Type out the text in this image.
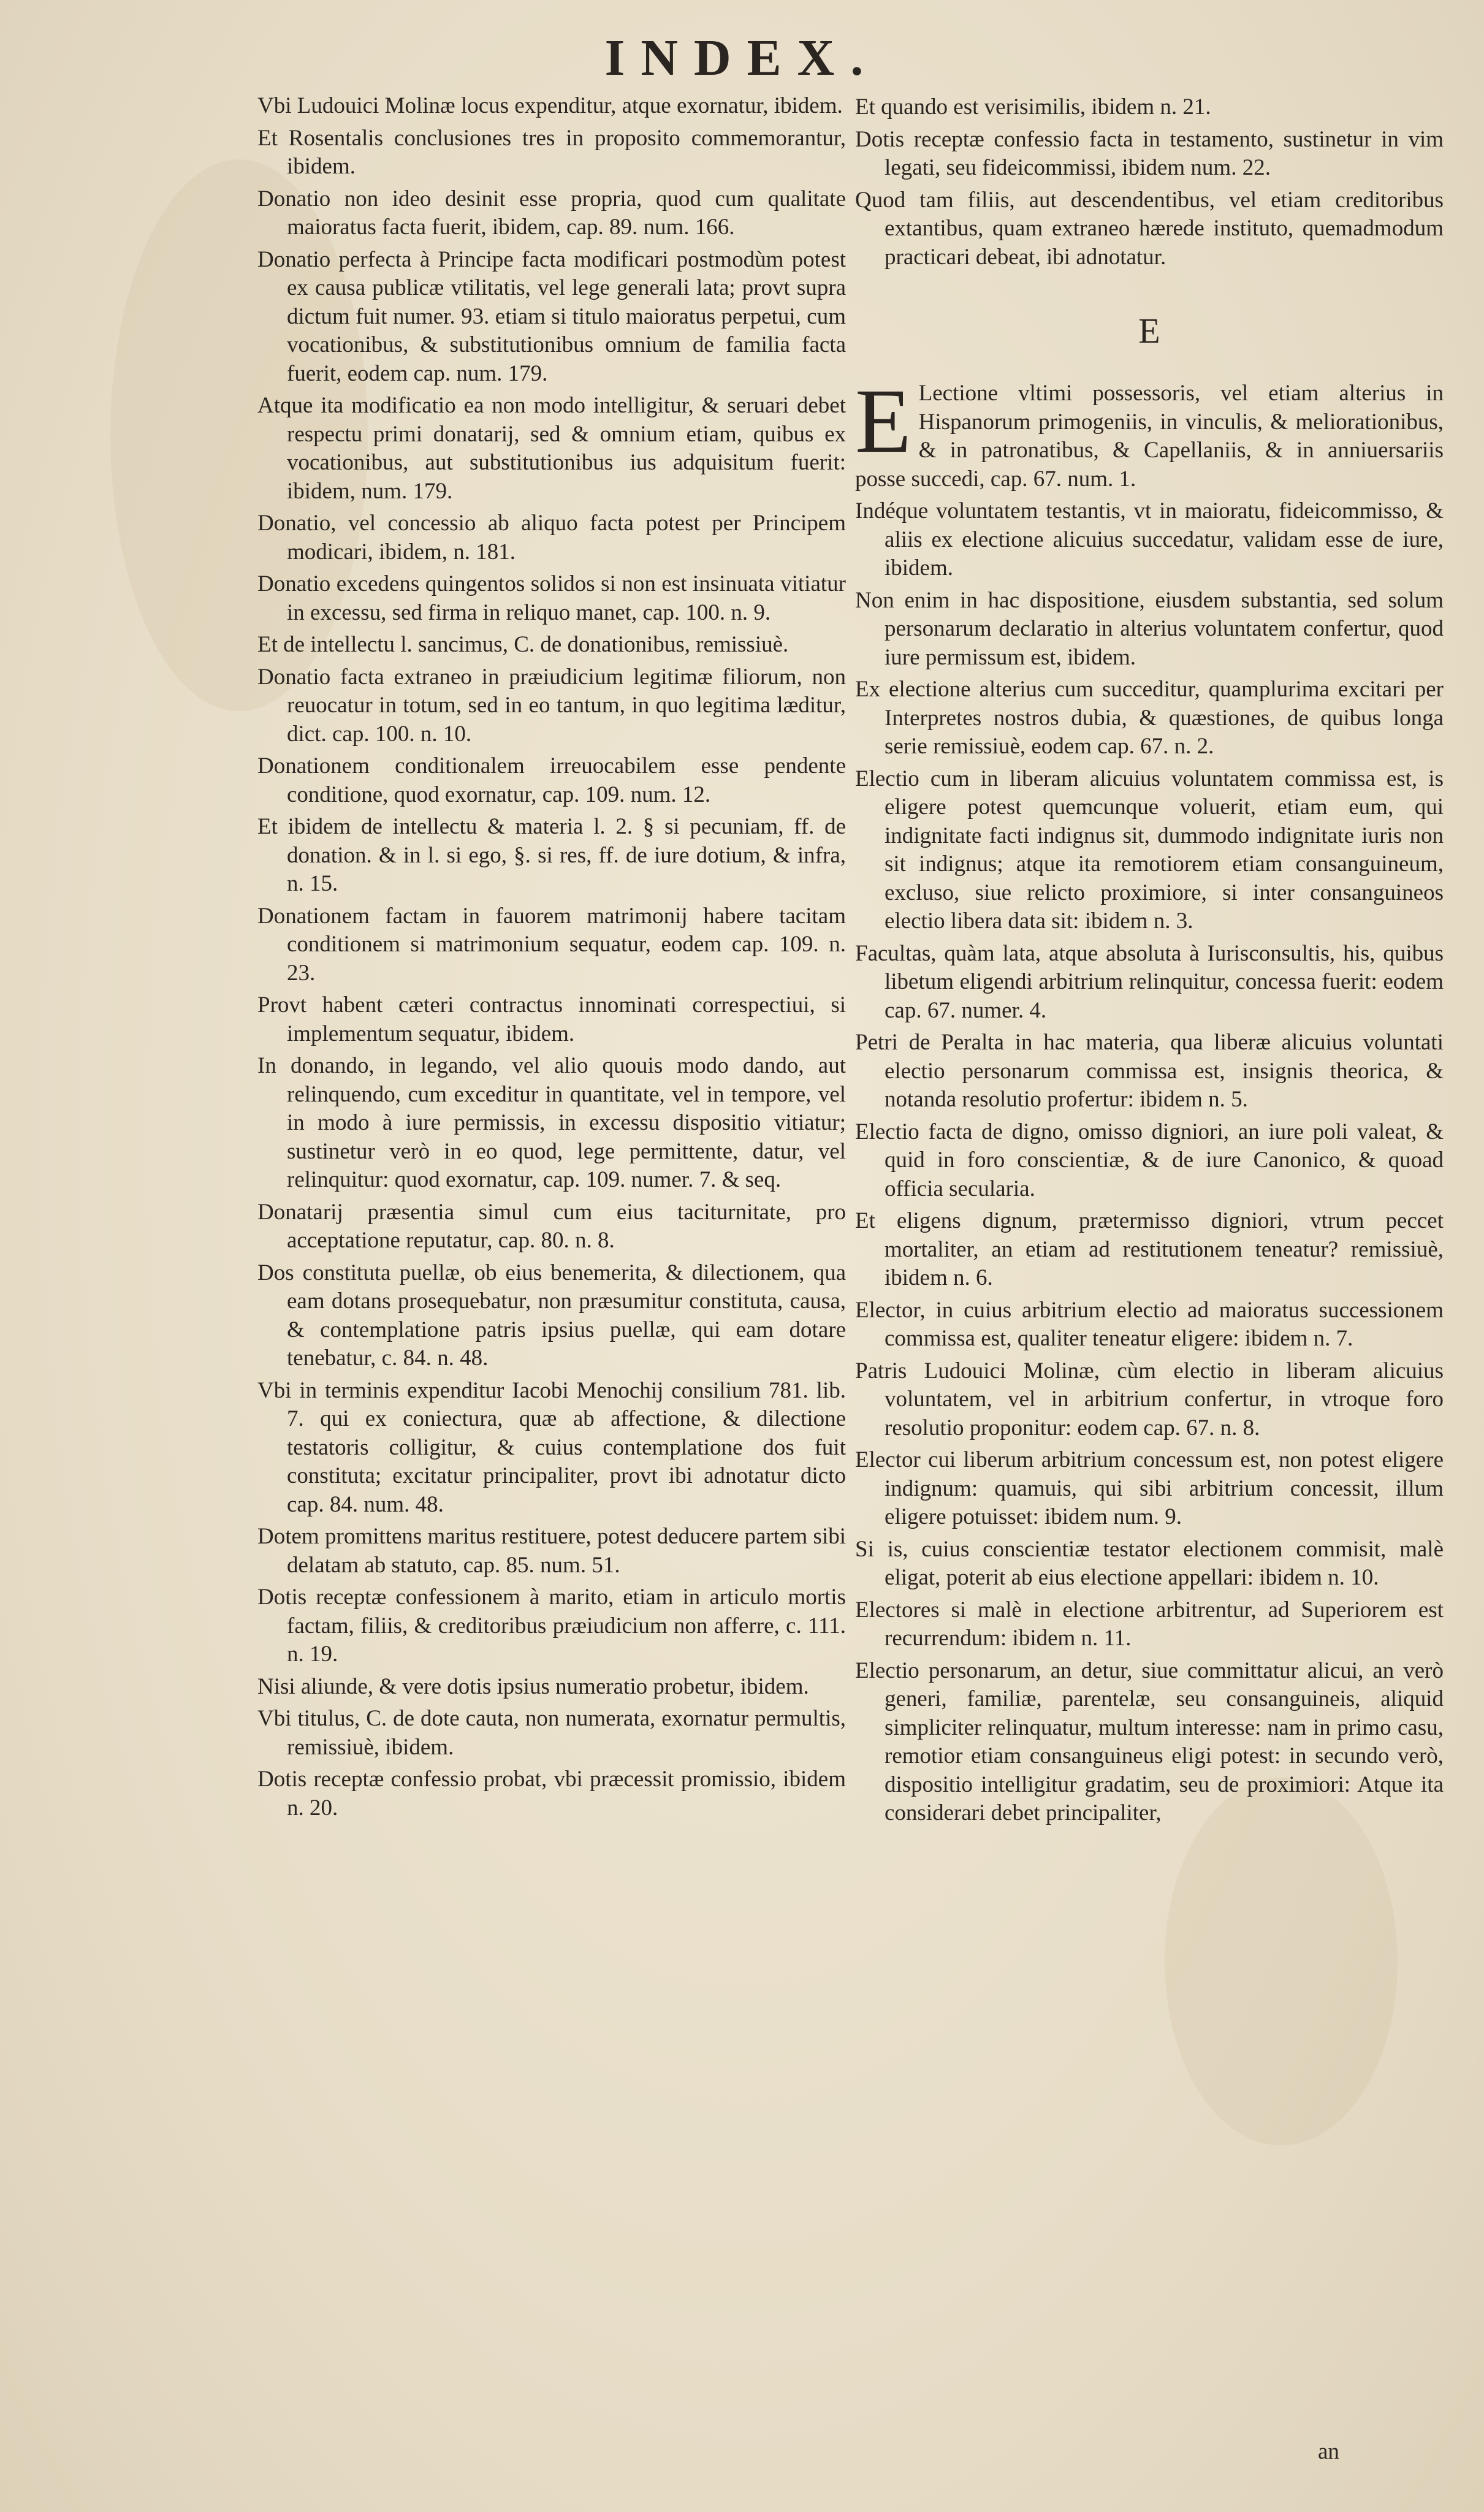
INDEX.

Vbi Ludouici Molinæ locus expenditur, atque exornatur, ibidem.

Et Rosentalis conclusiones tres in proposito commemorantur, ibidem.

Donatio non ideo desinit esse propria, quod cum qualitate maioratus facta fuerit, ibidem, cap. 89. num. 166.

Donatio perfecta à Principe facta modificari postmodùm potest ex causa publicæ vtilitatis, vel lege generali lata; provt supra dictum fuit numer. 93. etiam si titulo maioratus perpetui, cum vocationibus, & substitutionibus omnium de familia facta fuerit, eodem cap. num. 179.

Atque ita modificatio ea non modo intelligitur, & seruari debet respectu primi donatarij, sed & omnium etiam, quibus ex vocationibus, aut substitutionibus ius adquisitum fuerit: ibidem, num. 179.

Donatio, vel concessio ab aliquo facta potest per Principem modicari, ibidem, n. 181.

Donatio excedens quingentos solidos si non est insinuata vitiatur in excessu, sed firma in reliquo manet, cap. 100. n. 9.

Et de intellectu l. sancimus, C. de donationibus, remissiuè.

Donatio facta extraneo in præiudicium legitimæ filiorum, non reuocatur in totum, sed in eo tantum, in quo legitima læditur, dict. cap. 100. n. 10.

Donationem conditionalem irreuocabilem esse pendente conditione, quod exornatur, cap. 109. num. 12.

Et ibidem de intellectu & materia l. 2. § si pecuniam, ff. de donation. & in l. si ego, §. si res, ff. de iure dotium, & infra, n. 15.

Donationem factam in fauorem matrimonij habere tacitam conditionem si matrimonium sequatur, eodem cap. 109. n. 23.

Provt habent cæteri contractus innominati correspectiui, si implementum sequatur, ibidem.

In donando, in legando, vel alio quouis modo dando, aut relinquendo, cum exceditur in quantitate, vel in tempore, vel in modo à iure permissis, in excessu dispositio vitiatur; sustinetur verò in eo quod, lege permittente, datur, vel relinquitur: quod exornatur, cap. 109. numer. 7. & seq.

Donatarij præsentia simul cum eius taciturnitate, pro acceptatione reputatur, cap. 80. n. 8.

Dos constituta puellæ, ob eius benemerita, & dilectionem, qua eam dotans prosequebatur, non præsumitur constituta, causa, & contemplatione patris ipsius puellæ, qui eam dotare tenebatur, c. 84. n. 48.

Vbi in terminis expenditur Iacobi Menochij consilium 781. lib. 7. qui ex coniectura, quæ ab affectione, & dilectione testatoris colligitur, & cuius contemplatione dos fuit constituta; excitatur principaliter, provt ibi adnotatur dicto cap. 84. num. 48.

Dotem promittens maritus restituere, potest deducere partem sibi delatam ab statuto, cap. 85. num. 51.

Dotis receptæ confessionem à marito, etiam in articulo mortis factam, filiis, & creditoribus præiudicium non afferre, c. 111. n. 19.

Nisi aliunde, & vere dotis ipsius numeratio probetur, ibidem.

Vbi titulus, C. de dote cauta, non numerata, exornatur permultis, remissiuè, ibidem.

Dotis receptæ confessio probat, vbi præcessit promissio, ibidem n. 20.

Et quando est verisimilis, ibidem n. 21.

Dotis receptæ confessio facta in testamento, sustinetur in vim legati, seu fideicommissi, ibidem num. 22.

Quod tam filiis, aut descendentibus, vel etiam creditoribus extantibus, quam extraneo hærede instituto, quemadmodum practicari debeat, ibi adnotatur.

E

E Lectione vltimi possessoris, vel etiam alterius in Hispanorum primogeniis, in vinculis, & meliorationibus, & in patronatibus, & Capellaniis, & in anniuersariis posse succedi, cap. 67. num. 1.

Indéque voluntatem testantis, vt in maioratu, fideicommisso, & aliis ex electione alicuius succedatur, validam esse de iure, ibidem.

Non enim in hac dispositione, eiusdem substantia, sed solum personarum declaratio in alterius voluntatem confertur, quod iure permissum est, ibidem.

Ex electione alterius cum succeditur, quamplurima excitari per Interpretes nostros dubia, & quæstiones, de quibus longa serie remissiuè, eodem cap. 67. n. 2.

Electio cum in liberam alicuius voluntatem commissa est, is eligere potest quemcunque voluerit, etiam eum, qui indignitate facti indignus sit, dummodo indignitate iuris non sit indignus; atque ita remotiorem etiam consanguineum, excluso, siue relicto proximiore, si inter consanguineos electio libera data sit: ibidem n. 3.

Facultas, quàm lata, atque absoluta à Iurisconsultis, his, quibus libetum eligendi arbitrium relinquitur, concessa fuerit: eodem cap. 67. numer. 4.

Petri de Peralta in hac materia, qua liberæ alicuius voluntati electio personarum commissa est, insignis theorica, & notanda resolutio profertur: ibidem n. 5.

Electio facta de digno, omisso digniori, an iure poli valeat, & quid in foro conscientiæ, & de iure Canonico, & quoad officia secularia.

Et eligens dignum, prætermisso digniori, vtrum peccet mortaliter, an etiam ad restitutionem teneatur? remissiuè, ibidem n. 6.

Elector, in cuius arbitrium electio ad maioratus successionem commissa est, qualiter teneatur eligere: ibidem n. 7.

Patris Ludouici Molinæ, cùm electio in liberam alicuius voluntatem, vel in arbitrium confertur, in vtroque foro resolutio proponitur: eodem cap. 67. n. 8.

Elector cui liberum arbitrium concessum est, non potest eligere indignum: quamuis, qui sibi arbitrium concessit, illum eligere potuisset: ibidem num. 9.

Si is, cuius conscientiæ testator electionem commisit, malè eligat, poterit ab eius electione appellari: ibidem n. 10.

Electores si malè in electione arbitrentur, ad Superiorem est recurrendum: ibidem n. 11.

Electio personarum, an detur, siue committatur alicui, an verò generi, familiæ, parentelæ, seu consanguineis, aliquid simpliciter relinquatur, multum interesse: nam in primo casu, remotior etiam consanguineus eligi potest: in secundo verò, dispositio intelligitur gradatim, seu de proximiori: Atque ita considerari debet principaliter,

an
